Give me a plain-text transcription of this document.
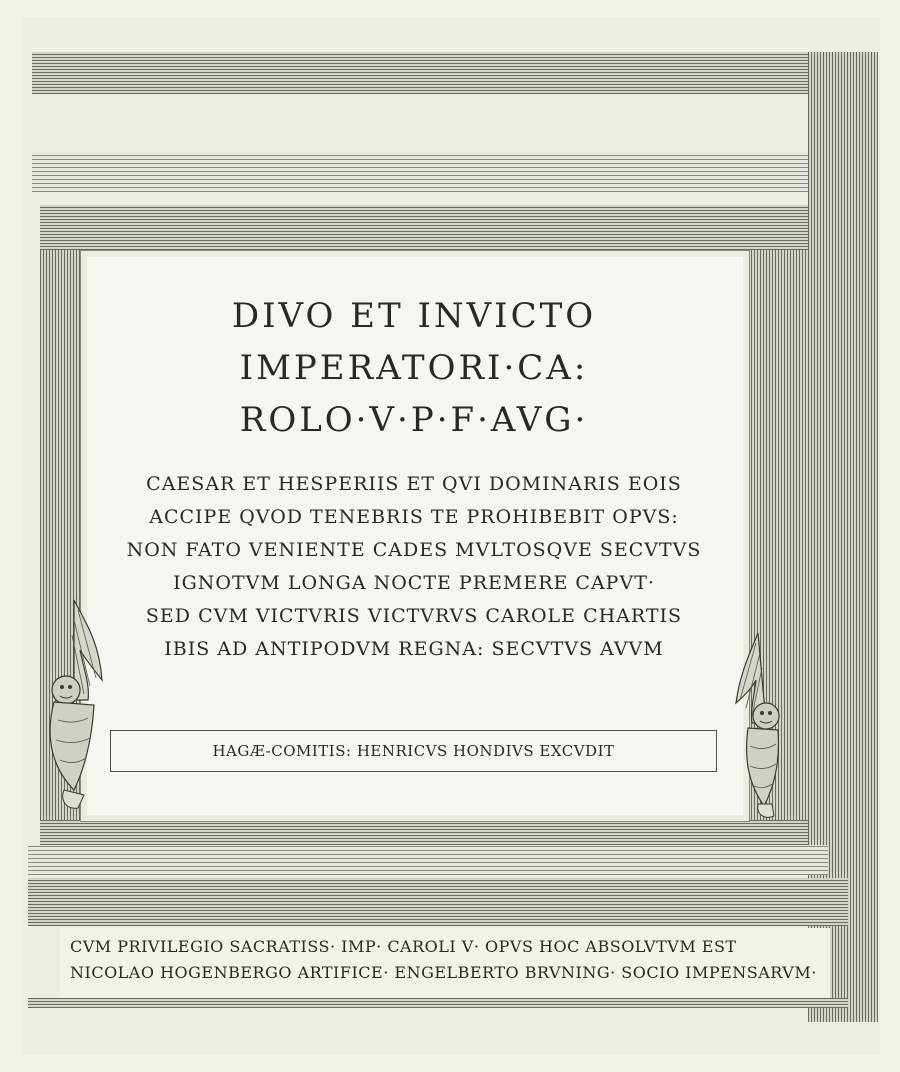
DIVO ET INVICTO
IMPERATORI·CA:
ROLO·V·P·F·AVG·
CAESAR ET HESPERIIS ET QVI DOMINARIS EOIS
ACCIPE QVOD TENEBRIS TE PROHIBEBIT OPVS:
NON FATO VENIENTE CADES MVLTOSQVE SECVTVS
IGNOTVM LONGA NOCTE PREMERE CAPVT·
SED CVM VICTVRIS VICTVRVS CAROLE CHARTIS
IBIS AD ANTIPODVM REGNA: SECVTVS AVVM
HAGÆ-COMITIS: HENRICVS HONDIVS EXCVDIT
CVM PRIVILEGIO SACRATISS· IMP· CAROLI V· OPVS HOC ABSOLVTVM EST
NICOLAO HOGENBERGO ARTIFICE· ENGELBERTO BRVNING· SOCIO IMPENSARVM·
